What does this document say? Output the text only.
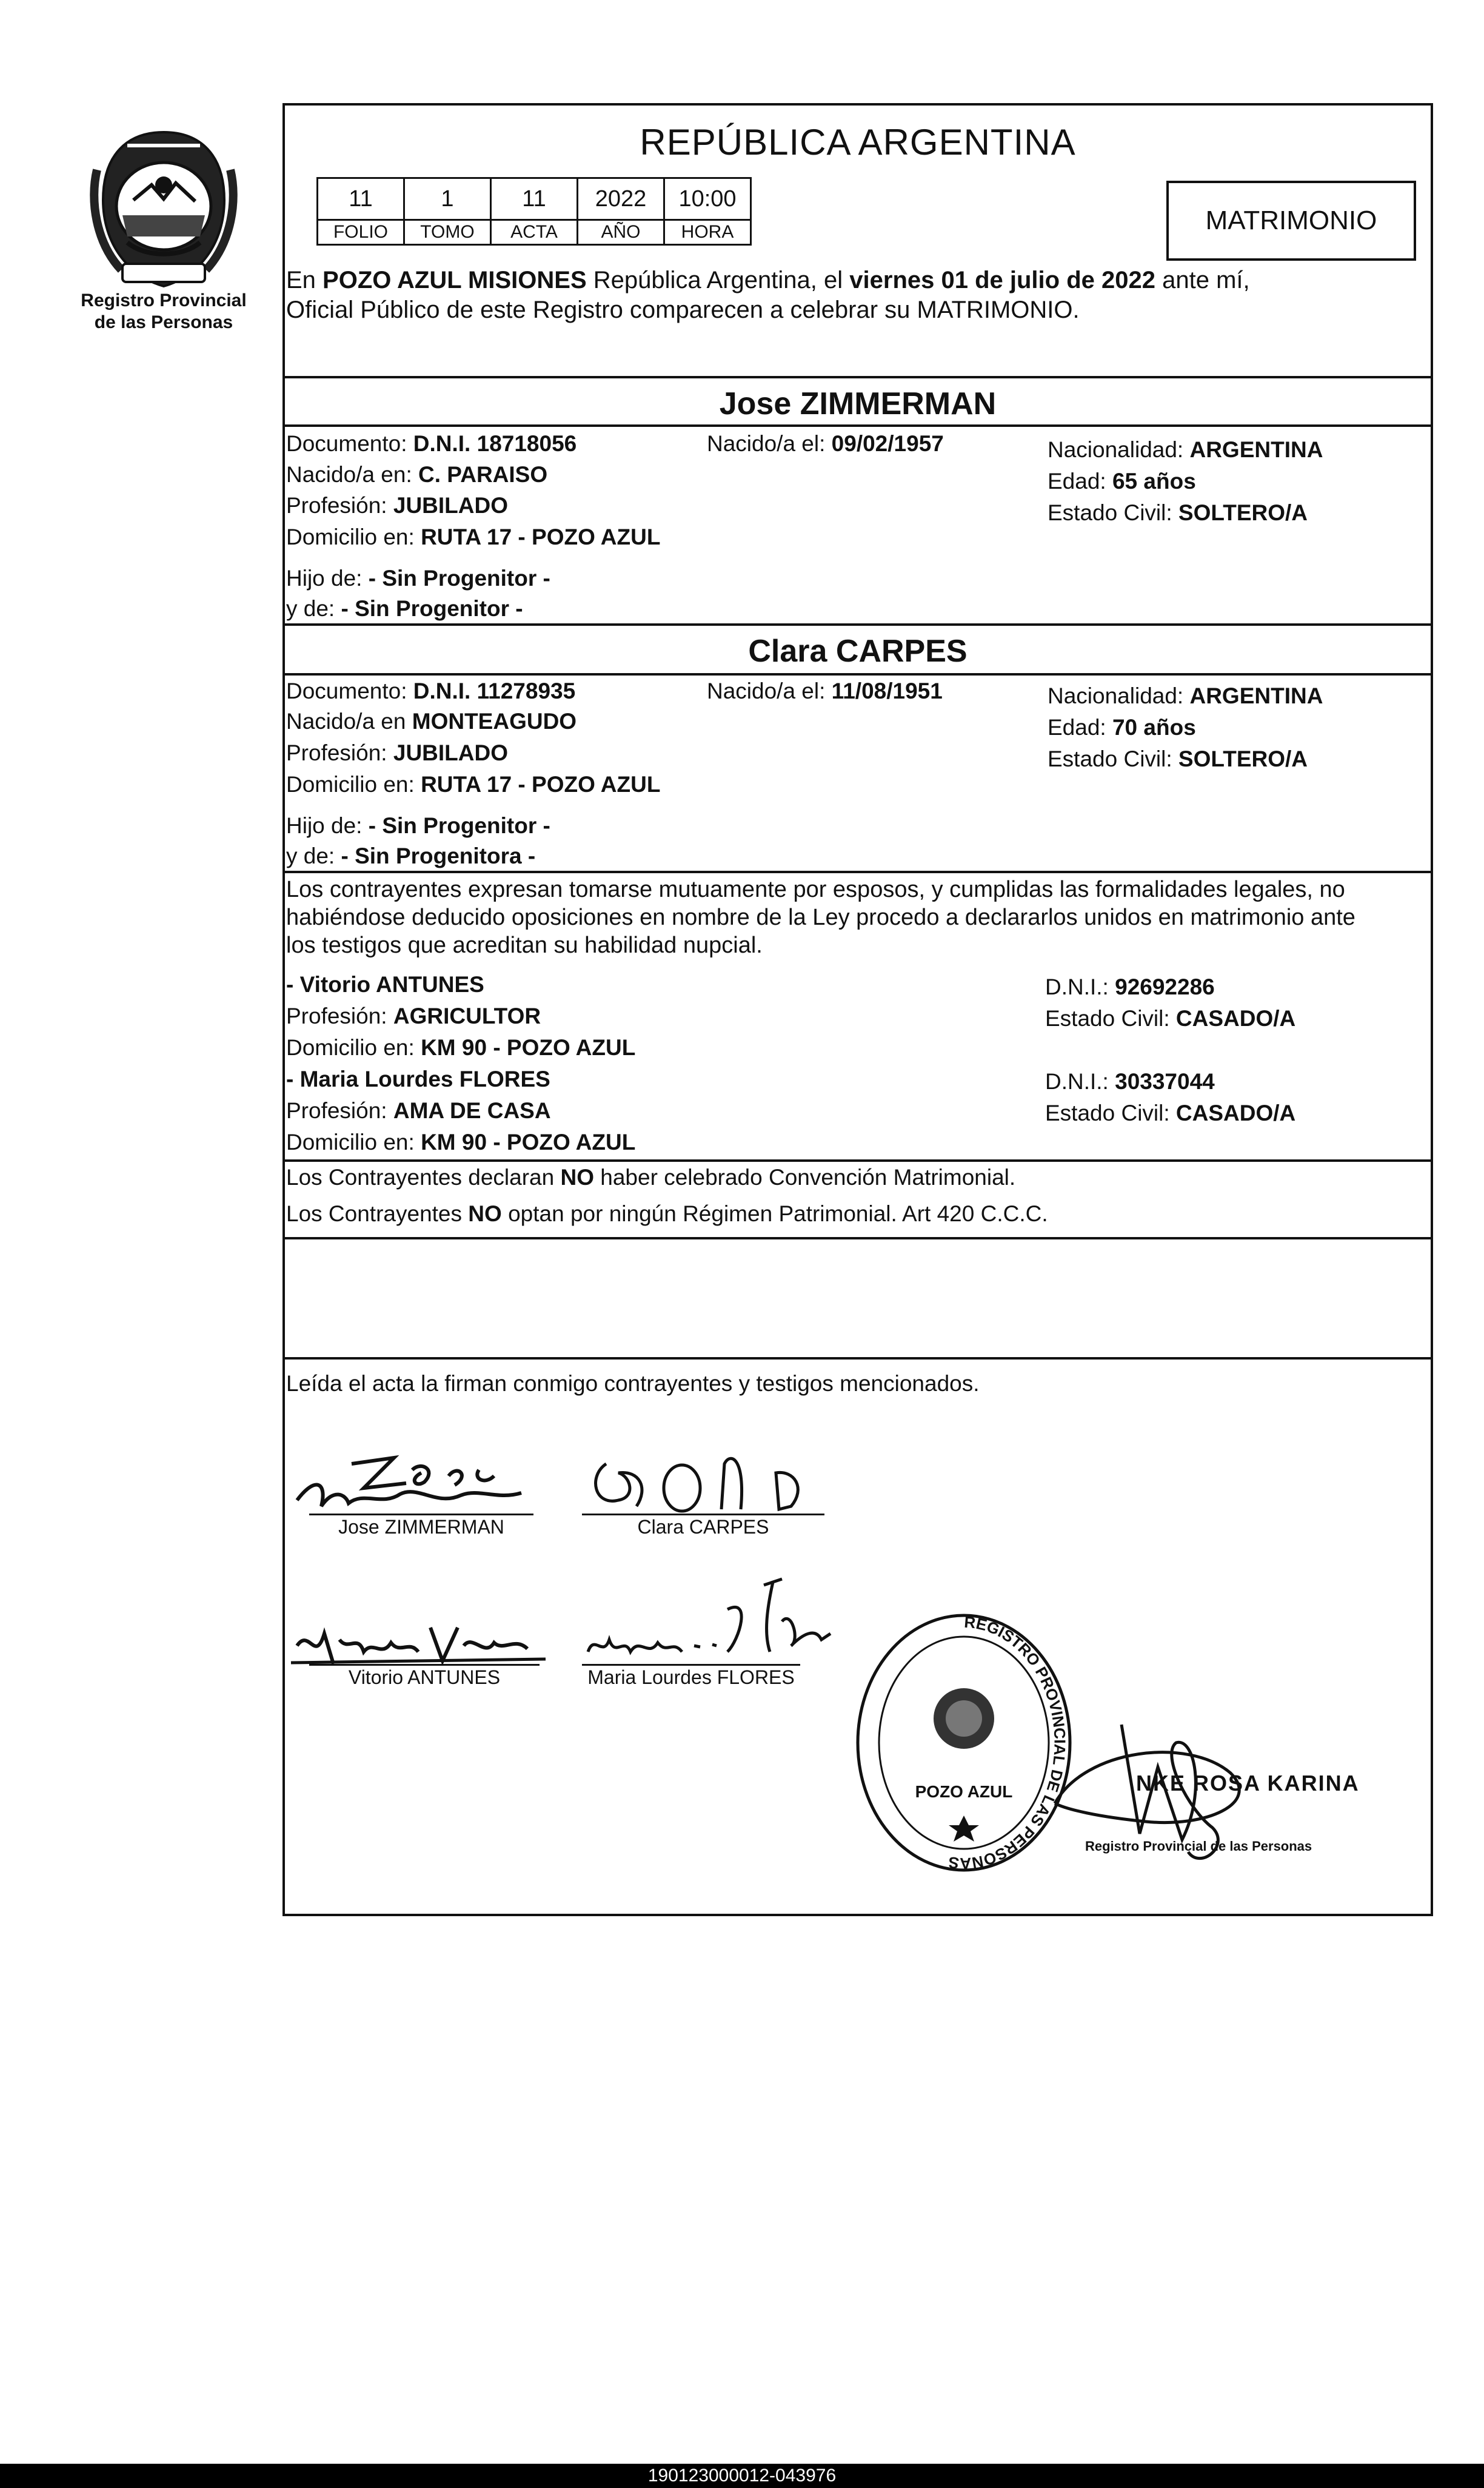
Registro Provincial
de las Personas
REPÚBLICA ARGENTINA
11	1	11	2022	10:00
FOLIO	TOMO	ACTA	AÑO	HORA	MATRIMONIO
En POZO AZUL MISIONES República Argentina, el viernes 01 de julio de 2022 ante mí,
Oficial Público de este Registro comparecen a celebrar su MATRIMONIO.
Jose ZIMMERMAN
Documento: D.N.I. 18718056	Nacido/a el: 09/02/1957	Nacionalidad: ARGENTINA
Nacido/a en: C. PARAISO	Edad: 65 años
Profesión: JUBILADO	Estado Civil: SOLTERO/A
Domicilio en: RUTA 17 - POZO AZUL
Hijo de: - Sin Progenitor -
y de: - Sin Progenitor -
Clara CARPES
Documento: D.N.I. 11278935	Nacido/a el: 11/08/1951	Nacionalidad: ARGENTINA
Nacido/a en MONTEAGUDO	Edad: 70 años
Profesión: JUBILADO	Estado Civil: SOLTERO/A
Domicilio en: RUTA 17 - POZO AZUL
Hijo de: - Sin Progenitor -
y de: - Sin Progenitora -
Los contrayentes expresan tomarse mutuamente por esposos, y cumplidas las formalidades legales, no
habiéndose deducido oposiciones en nombre de la Ley procedo a declararlos unidos en matrimonio ante
los testigos que acreditan su habilidad nupcial.
- Vitorio ANTUNES	D.N.I.: 92692286
Profesión: AGRICULTOR	Estado Civil: CASADO/A
Domicilio en: KM 90 - POZO AZUL
- Maria Lourdes FLORES	D.N.I.: 30337044
Profesión: AMA DE CASA	Estado Civil: CASADO/A
Domicilio en: KM 90 - POZO AZUL
Los Contrayentes declaran NO haber celebrado Convención Matrimonial.
Los Contrayentes NO optan por ningún Régimen Patrimonial. Art 420 C.C.C.
Leída el acta la firman conmigo contrayentes y testigos mencionados.
Jose ZIMMERMAN	Clara CARPES
Vitorio ANTUNES	Maria Lourdes FLORES
REGISTRO PROVINCIAL DE LAS PERSONAS
POZO AZUL	NKE ROSA KARINA
Registro Provincial de las Personas
190123000012-043976
